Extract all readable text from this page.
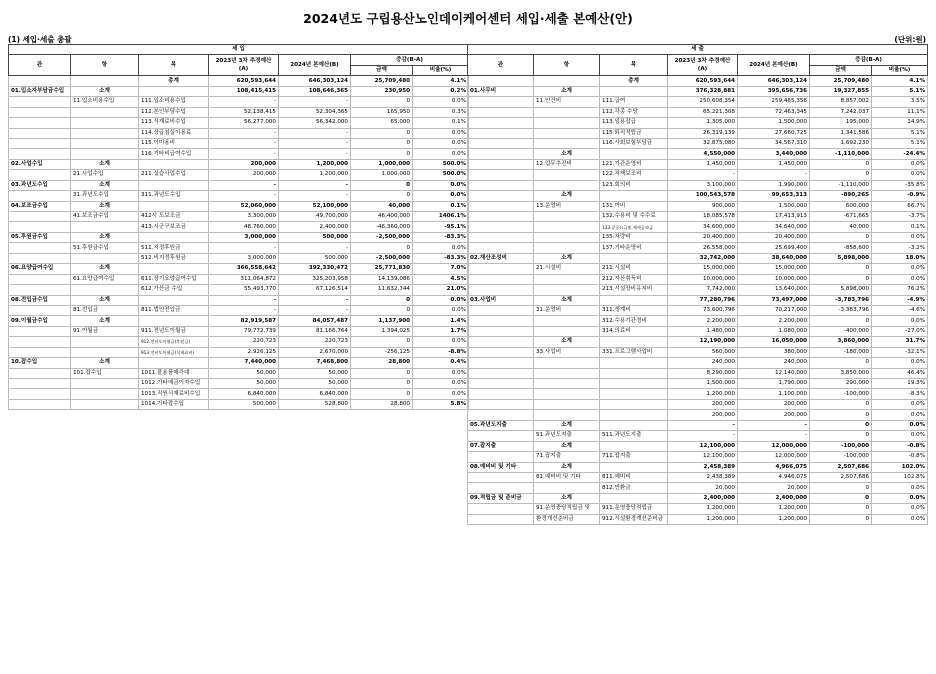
2024년도 구립용산노인데이케어센터 세입·세출 본예산(안)
(1) 세입·세출 총괄	(단위:원)
세 입						
관	항	목	2023년 3차 추경예산(A)	2024년 본예산(B)	증감(B-A)	
					금액	비율(%)
		총계	620,593,644	646,303,124	25,709,480	4.1%
01.입소자부담금수입	소계		108,415,415	108,646,365	230,950	0.2%
	11.입소비용수입	111.입소비용수입	-	-	0	0.0%
		112.본인부담수입	52,138,415	52,304,365	165,950	0.3%
		113.식재료비수입	56,277,000	56,342,000	65,000	0.1%
		114.상급침실이용료	-	-	0	0.0%
		115.이미용비	-	-	0	0.0%
		116.기타비급여수입	-	-	0	0.0%
02.사업수입	소계		200,000	1,200,000	1,000,000	500.0%
	21.사업수입	211.실습사업수입	200,000	1,200,000	1,000,000	500.0%
03.과년도수입	소계		-	-	0	0.0%
	31.과년도수입	311.과년도수입	-	-	0	0.0%
04.보조금수입	소계		52,060,000	52,100,000	40,000	0.1%
	41.보조금수입	412시 도보조금	3,300,000	49,700,000	46,400,000	1406.1%
		413.시군구보조금	48,760,000	2,400,000	-46,360,000	-95.1%
05.후원금수입	소계		3,000,000	500,000	-2,500,000	-83.3%
	51.후원금수입	511.지정후원금	-	-	0	0.0%
		512.비지정후원금	3,000,000	500,000	-2,500,000	-83.3%
06.요양급여수입	소계		366,558,642	392,330,472	25,771,830	7.0%
	61.요양급여수입	611.장기요양급여수입	311,064,872	325,203,958	14,139,086	4.5%
		612.가산금 수입	55,493,770	67,126,514	11,632,744	21.0%
08.전입금수입	소계		-	-	0	0.0%
	81.전입금	811.법인전입금	-	-	0	0.0%
09.이월금수입	소계		82,919,587	84,057,487	1,137,900	1.4%
	91.이월금	911.전년도이월금	79,772,739	81,166,764	1,394,025	1.7%
		912.전년도이월금(후원금)	220,723	220,723	0	0.0%
		913.전년도이월금(식재료비)	2,926,125	2,670,000	-256,125	-8.8%
10.잡수입	소계		7,440,000	7,468,800	28,800	0.4%
	101.잡수입	1011.불용품매각대	50,000	50,000	0	0.0%
		1012.기타예금이자수입	50,000	50,000	0	0.0%
		1013.직원식재료비수입	6,840,000	6,840,000	0	0.0%
		1014.기타잡수입	500,000	528,800	28,800	5.8%
세 출						
관	항	목	2023년 3차 추경예산(A)	2024년 본예산(B)	증감(B-A)	
					금액	비율(%)
		총계	620,593,644	646,303,124	25,709,480	4.1%
01.사무비	소계		376,328,881	395,656,736	19,327,855	5.1%
	11.인건비	111.급여	250,608,354	259,465,356	8,857,002	3.5%
		112.각종 수당	65,221,308	72,463,345	7,242,037	11.1%
		113.일용잡급	1,305,000	1,500,000	195,000	14.9%
		115.퇴직적립금	26,319,139	27,660,725	1,341,586	5.1%
		116.사회보험부담금	32,875,080	34,567,310	1,692,230	5.1%
	소계		4,550,000	3,440,000	-1,110,000	-24.4%
	12.업무추진비	121.기관운영비	1,450,000	1,450,000	0	0.0%
		122.직책보조비	-	-	0	0.0%
		123.회의비	3,100,000	1,990,000	-1,110,000	-35.8%
	소계		100,543,578	99,653,313	-890,265	-0.9%
	13.운영비	131.여비	900,000	1,500,000	600,000	66.7%
		132.수용비 및 수수료	18,085,578	17,413,913	-671,665	-3.7%
		133.공공요금및 제세공과금	34,600,000	34,640,000	40,000	0.1%
		135.차량비	20,400,000	20,400,000	0	0.0%
		137.기타운영비	26,558,000	25,699,400	-858,600	-3.2%
02.재산조성비	소계		32,742,000	38,640,000	5,898,000	18.0%
	21.시설비	211.시설비	15,000,000	15,000,000	0	0.0%
		212.자산취득비	10,000,000	10,000,000	0	0.0%
		213.시설장비유지비	7,742,000	13,640,000	5,898,000	76.2%
03.사업비	소계		77,280,796	73,497,000	-3,783,796	-4.9%
	31.운영비	311.생계비	73,600,796	70,217,000	-3,383,796	-4.6%
		312.수용기관경비	2,200,000	2,200,000	0	0.0%
		314.의료비	1,480,000	1,080,000	-400,000	-27.0%
	소계		12,190,000	16,050,000	3,860,000	31.7%
	33.사업비	331.프로그램사업비	560,000	380,000	-180,000	-32.1%
			240,000	240,000	0	0.0%
			8,290,000	12,140,000	3,850,000	46.4%
			1,500,000	1,790,000	290,000	19.3%
			1,200,000	1,100,000	-100,000	-8.3%
			200,000	200,000	0	0.0%
			200,000	200,000	0	0.0%
05.과년도지출	소계		-	-	0	0.0%
	51.과년도지출	511.과년도지출	-	-	0	0.0%
07.잡지출	소계		12,100,000	12,000,000	-100,000	-0.8%
	71.잡지출	711.잡지출	12,100,000	12,000,000	-100,000	-0.8%
08.예비비 및 기타	소계		2,458,389	4,966,075	2,507,686	102.0%
	81.예비비 및 기타	811.예비비	2,438,389	4,946,075	2,507,686	102.8%
		812.반환금	20,000	20,000	0	0.0%
09.적립금 및 준비금	소계		2,400,000	2,400,000	0	0.0%
	91.운영충당적립금 및	911.운영충당적립금	1,200,000	1,200,000	0	0.0%
	환경개선준비금	912.시설환경개선준비금	1,200,000	1,200,000	0	0.0%
